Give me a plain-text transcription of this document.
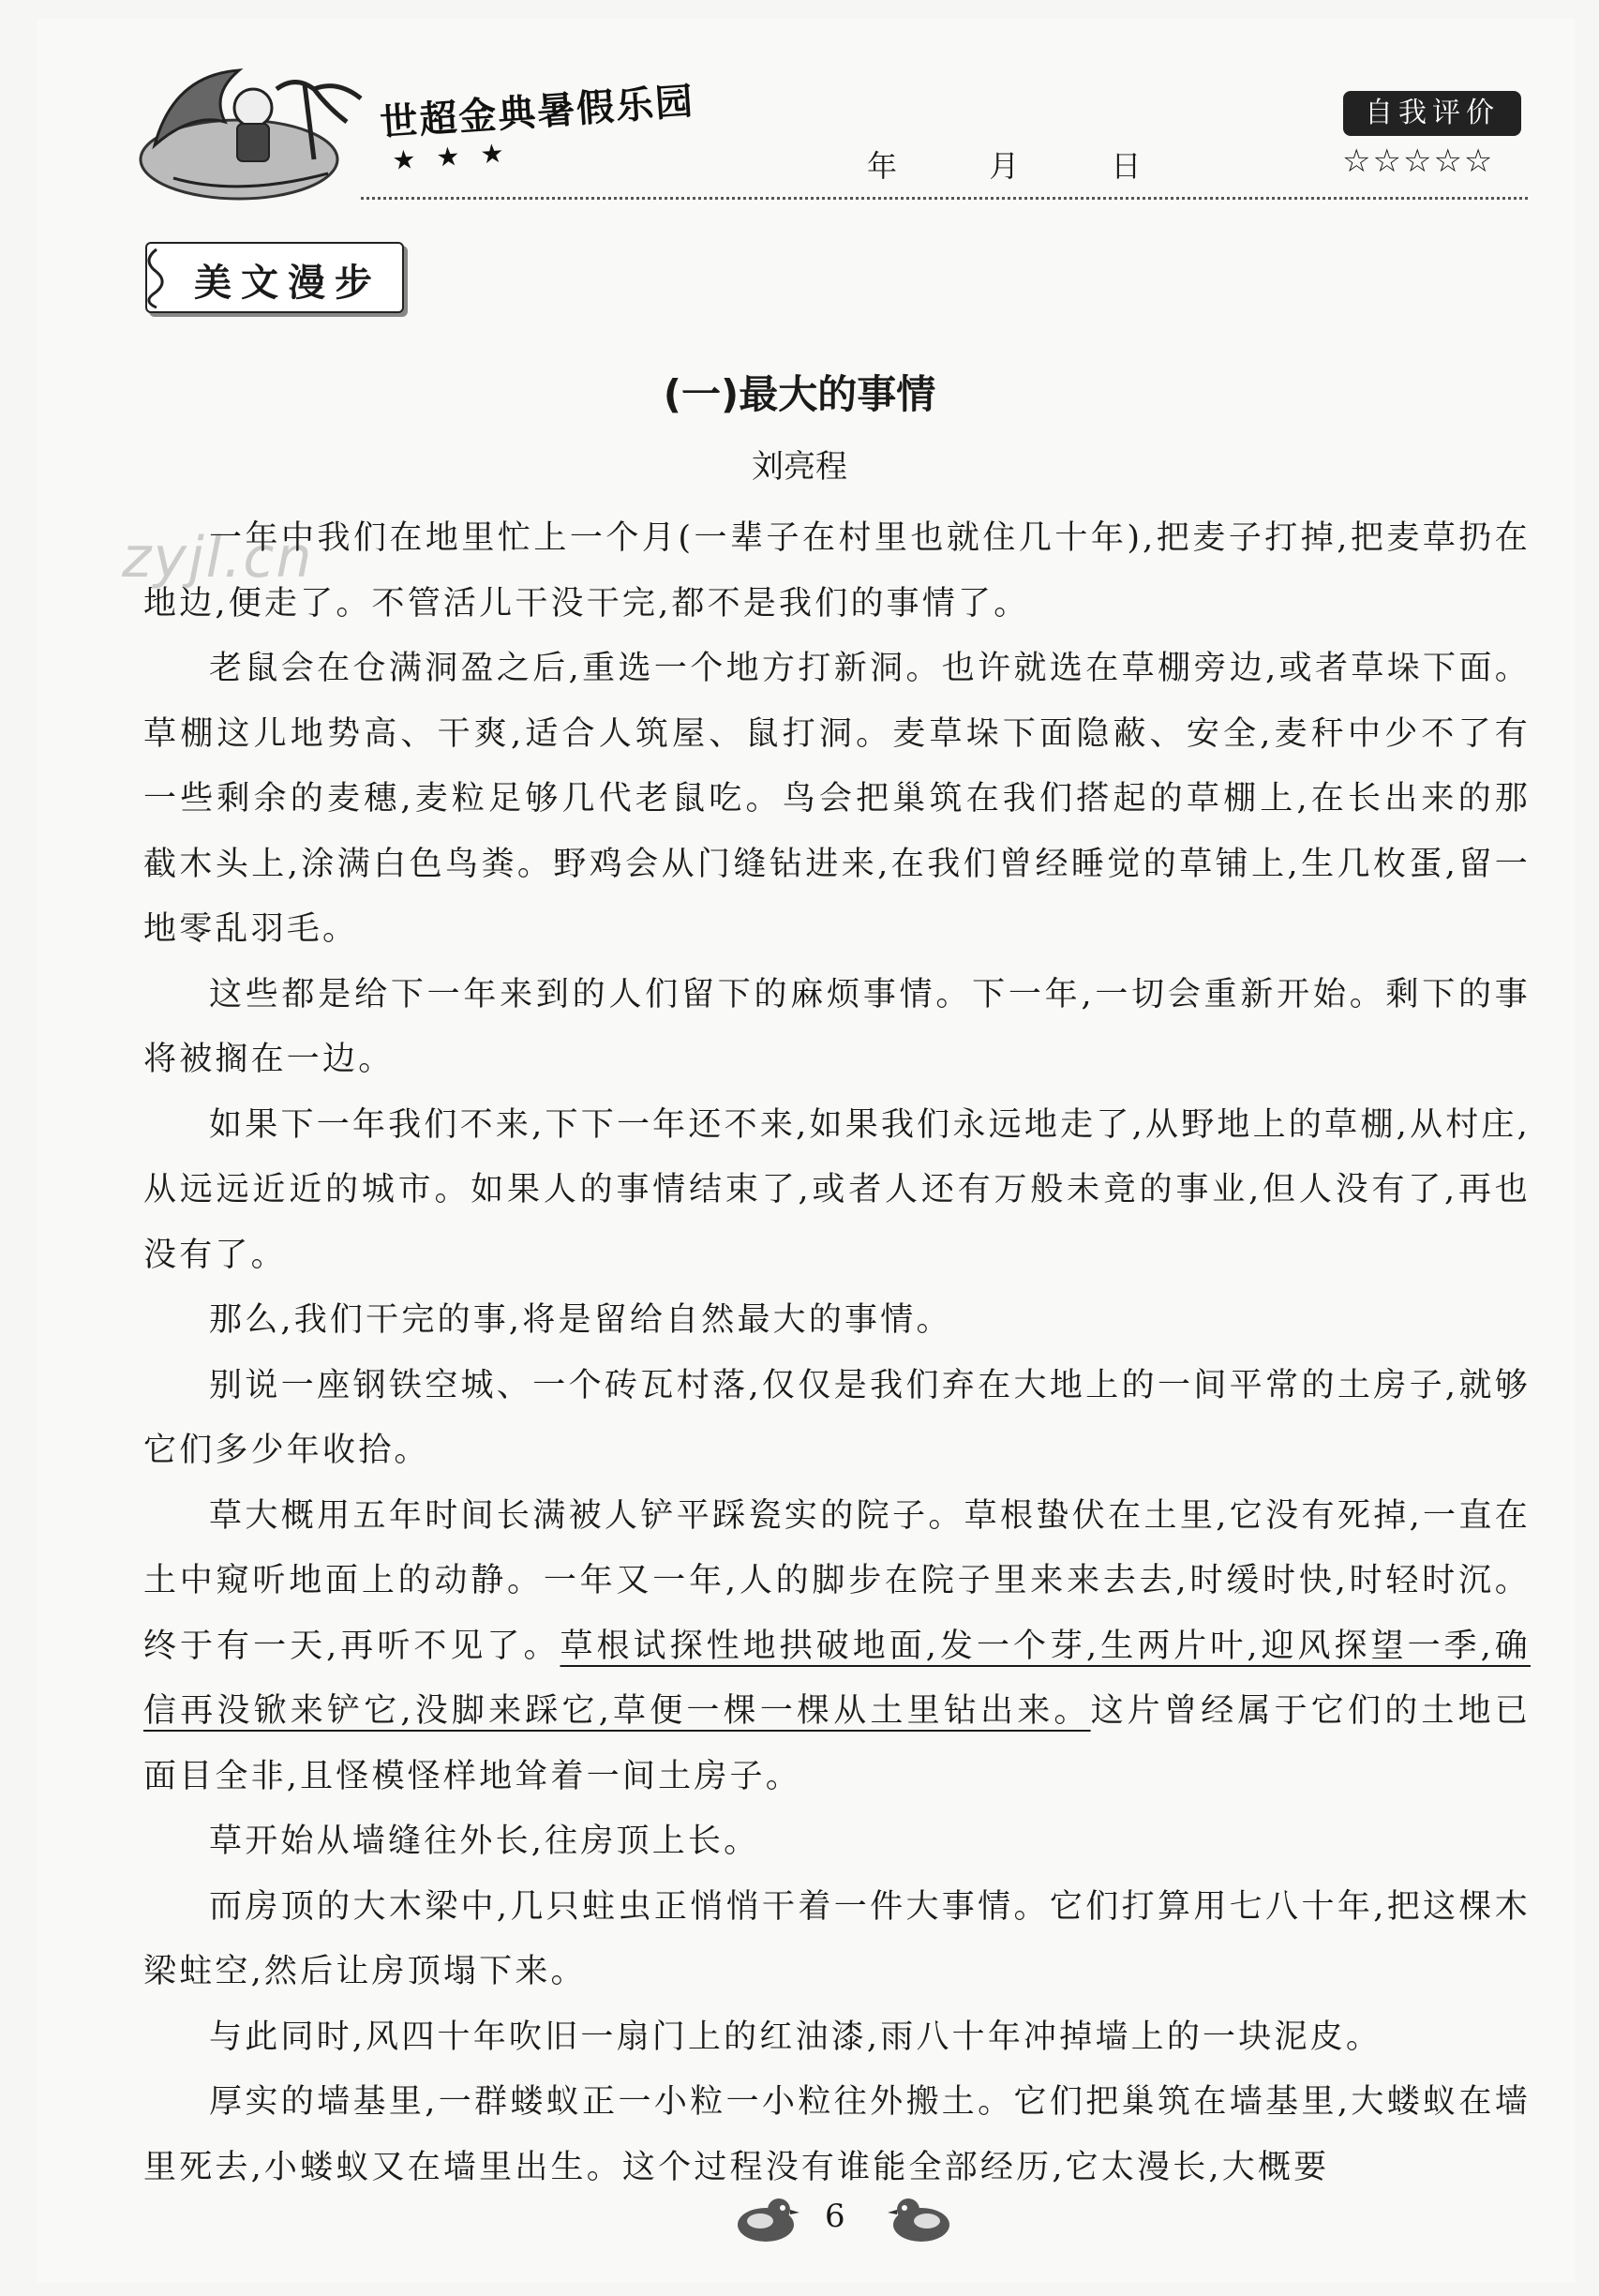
世超金典暑假乐园
★★★	年	月	日
自我评价
☆☆☆☆☆
美文漫步
(一)最大的事情
刘亮程
zyjl.cn

一年中我们在地里忙上一个月(一辈子在村里也就住几十年),把麦子打掉,把麦草扔在地边,便走了。不管活儿干没干完,都不是我们的事情了。

老鼠会在仓满洞盈之后,重选一个地方打新洞。也许就选在草棚旁边,或者草垛下面。草棚这儿地势高、干爽,适合人筑屋、鼠打洞。麦草垛下面隐蔽、安全,麦秆中少不了有一些剩余的麦穗,麦粒足够几代老鼠吃。鸟会把巢筑在我们搭起的草棚上,在长出来的那截木头上,涂满白色鸟粪。野鸡会从门缝钻进来,在我们曾经睡觉的草铺上,生几枚蛋,留一地零乱羽毛。

这些都是给下一年来到的人们留下的麻烦事情。下一年,一切会重新开始。剩下的事将被搁在一边。

如果下一年我们不来,下下一年还不来,如果我们永远地走了,从野地上的草棚,从村庄,从远远近近的城市。如果人的事情结束了,或者人还有万般未竟的事业,但人没有了,再也没有了。

那么,我们干完的事,将是留给自然最大的事情。

别说一座钢铁空城、一个砖瓦村落,仅仅是我们弃在大地上的一间平常的土房子,就够它们多少年收拾。

草大概用五年时间长满被人铲平踩瓷实的院子。草根蛰伏在土里,它没有死掉,一直在土中窥听地面上的动静。一年又一年,人的脚步在院子里来来去去,时缓时快,时轻时沉。终于有一天,再听不见了。草根试探性地拱破地面,发一个芽,生两片叶,迎风探望一季,确信再没锨来铲它,没脚来踩它,草便一棵一棵从土里钻出来。这片曾经属于它们的土地已面目全非,且怪模怪样地耸着一间土房子。

草开始从墙缝往外长,往房顶上长。

而房顶的大木梁中,几只蛀虫正悄悄干着一件大事情。它们打算用七八十年,把这棵木梁蛀空,然后让房顶塌下来。

与此同时,风四十年吹旧一扇门上的红油漆,雨八十年冲掉墙上的一块泥皮。

厚实的墙基里,一群蝼蚁正一小粒一小粒往外搬土。它们把巢筑在墙基里,大蝼蚁在墙里死去,小蝼蚁又在墙里出生。这个过程没有谁能全部经历,它太漫长,大概要

6
